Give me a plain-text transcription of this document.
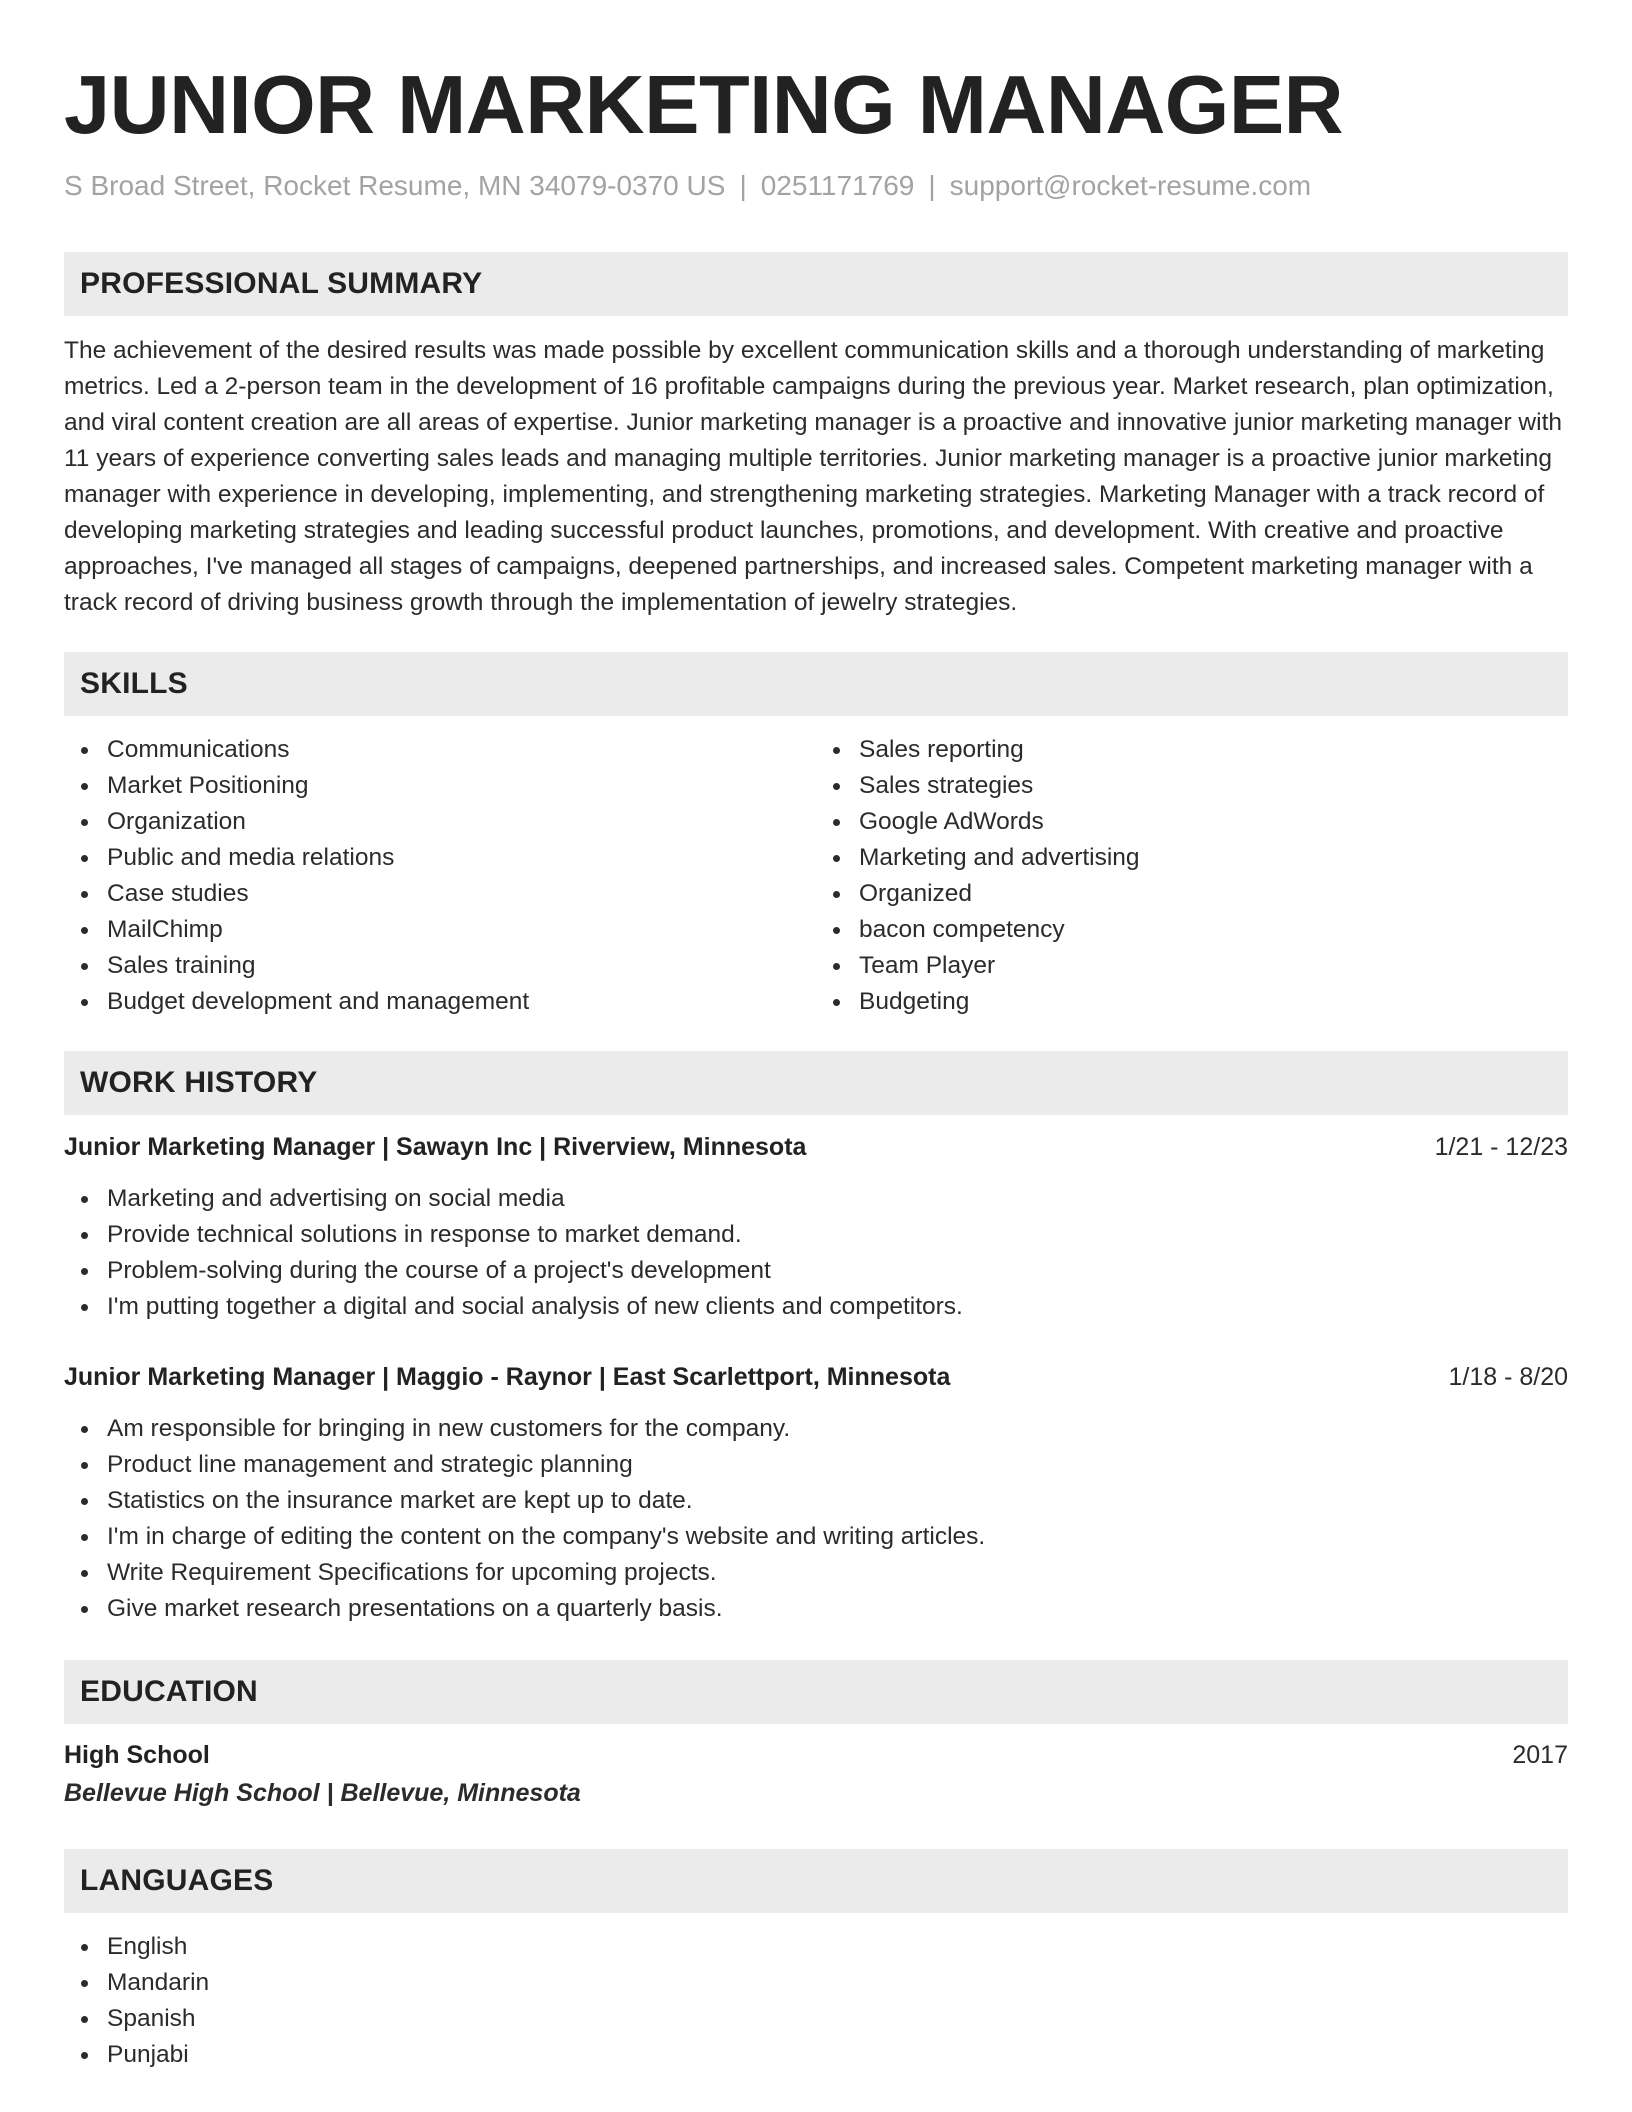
JUNIOR MARKETING MANAGER
S Broad Street, Rocket Resume, MN 34079-0370 US | 0251171769 | support@rocket-resume.com
PROFESSIONAL SUMMARY

The achievement of the desired results was made possible by excellent communication skills and a thorough understanding of marketing metrics. Led a 2-person team in the development of 16 profitable campaigns during the previous year. Market research, plan optimization, and viral content creation are all areas of expertise. Junior marketing manager is a proactive and innovative junior marketing manager with 11 years of experience converting sales leads and managing multiple territories. Junior marketing manager is a proactive junior marketing manager with experience in developing, implementing, and strengthening marketing strategies. Marketing Manager with a track record of developing marketing strategies and leading successful product launches, promotions, and development. With creative and proactive approaches, I've managed all stages of campaigns, deepened partnerships, and increased sales. Competent marketing manager with a track record of driving business growth through the implementation of jewelry strategies.

SKILLS
Communications
Market Positioning
Organization
Public and media relations
Case studies
MailChimp
Sales training
Budget development and management
Sales reporting
Sales strategies
Google AdWords
Marketing and advertising
Organized
bacon competency
Team Player
Budgeting
WORK HISTORY
Junior Marketing Manager | Sawayn Inc | Riverview, Minnesota	1/21 - 12/23
Marketing and advertising on social media
Provide technical solutions in response to market demand.
Problem-solving during the course of a project's development
I'm putting together a digital and social analysis of new clients and competitors.
Junior Marketing Manager | Maggio - Raynor | East Scarlettport, Minnesota	1/18 - 8/20
Am responsible for bringing in new customers for the company.
Product line management and strategic planning
Statistics on the insurance market are kept up to date.
I'm in charge of editing the content on the company's website and writing articles.
Write Requirement Specifications for upcoming projects.
Give market research presentations on a quarterly basis.
EDUCATION
High School	2017
Bellevue High School | Bellevue, Minnesota
LANGUAGES
English
Mandarin
Spanish
Punjabi
